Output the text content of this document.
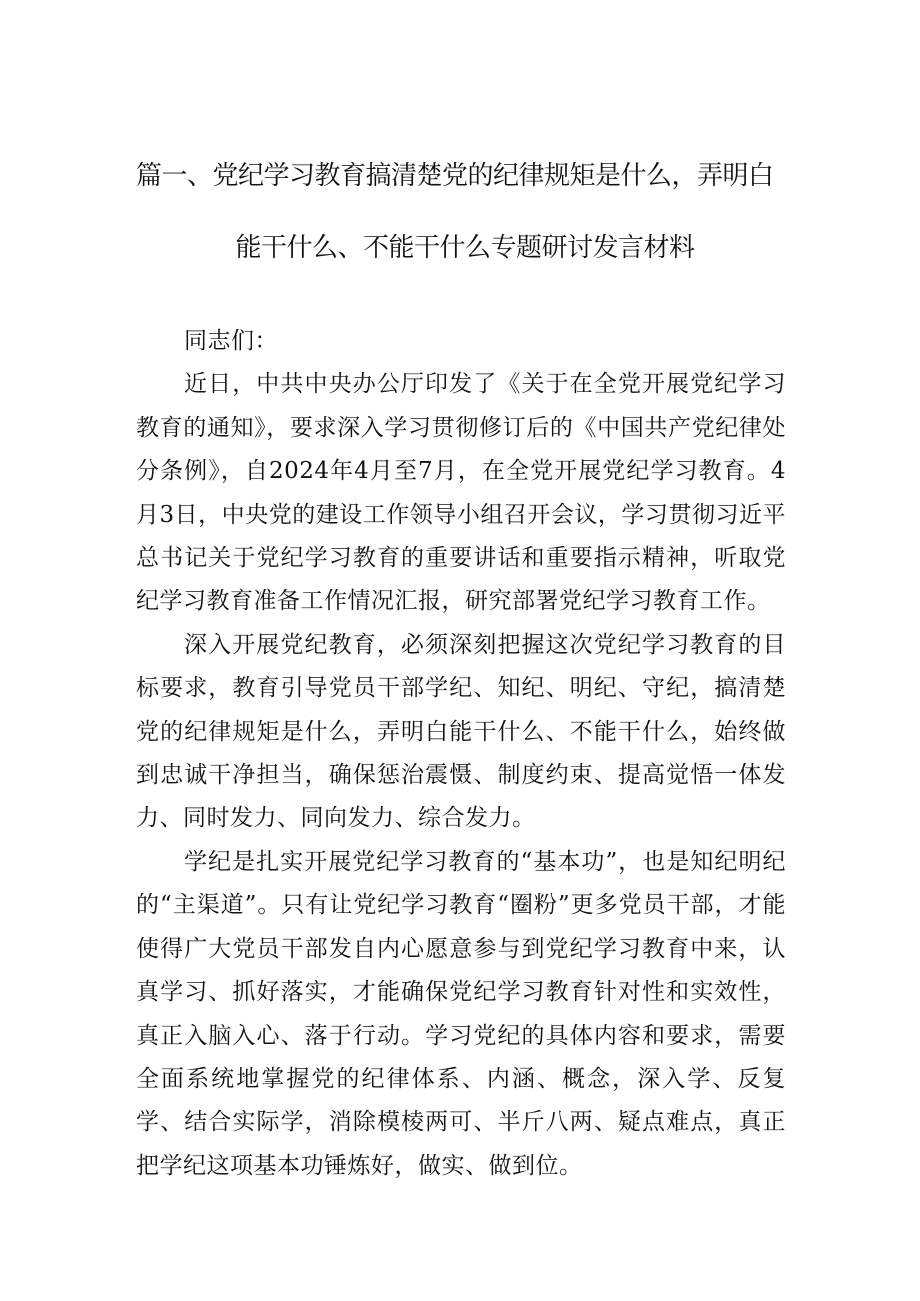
篇一、党纪学习教育搞清楚党的纪律规矩是什么，弄明白
能干什么、不能干什么专题研讨发言材料

同志们：

近日，中共中央办公厅印发了《关于在全党开展党纪学习教育的通知》，要求深入学习贯彻修订后的《中国共产党纪律处分条例》，自2024年4月至7月，在全党开展党纪学习教育。4月3日，中央党的建设工作领导小组召开会议，学习贯彻习近平总书记关于党纪学习教育的重要讲话和重要指示精神，听取党纪学习教育准备工作情况汇报，研究部署党纪学习教育工作。

深入开展党纪教育，必须深刻把握这次党纪学习教育的目标要求，教育引导党员干部学纪、知纪、明纪、守纪，搞清楚党的纪律规矩是什么，弄明白能干什么、不能干什么，始终做到忠诚干净担当，确保惩治震慑、制度约束、提高觉悟一体发力、同时发力、同向发力、综合发力。

学纪是扎实开展党纪学习教育的“基本功”，也是知纪明纪的“主渠道”。只有让党纪学习教育“圈粉”更多党员干部，才能使得广大党员干部发自内心愿意参与到党纪学习教育中来，认真学习、抓好落实，才能确保党纪学习教育针对性和实效性，真正入脑入心、落于行动。学习党纪的具体内容和要求，需要全面系统地掌握党的纪律体系、内涵、概念，深入学、反复学、结合实际学，消除模棱两可、半斤八两、疑点难点，真正把学纪这项基本功锤炼好，做实、做到位。
